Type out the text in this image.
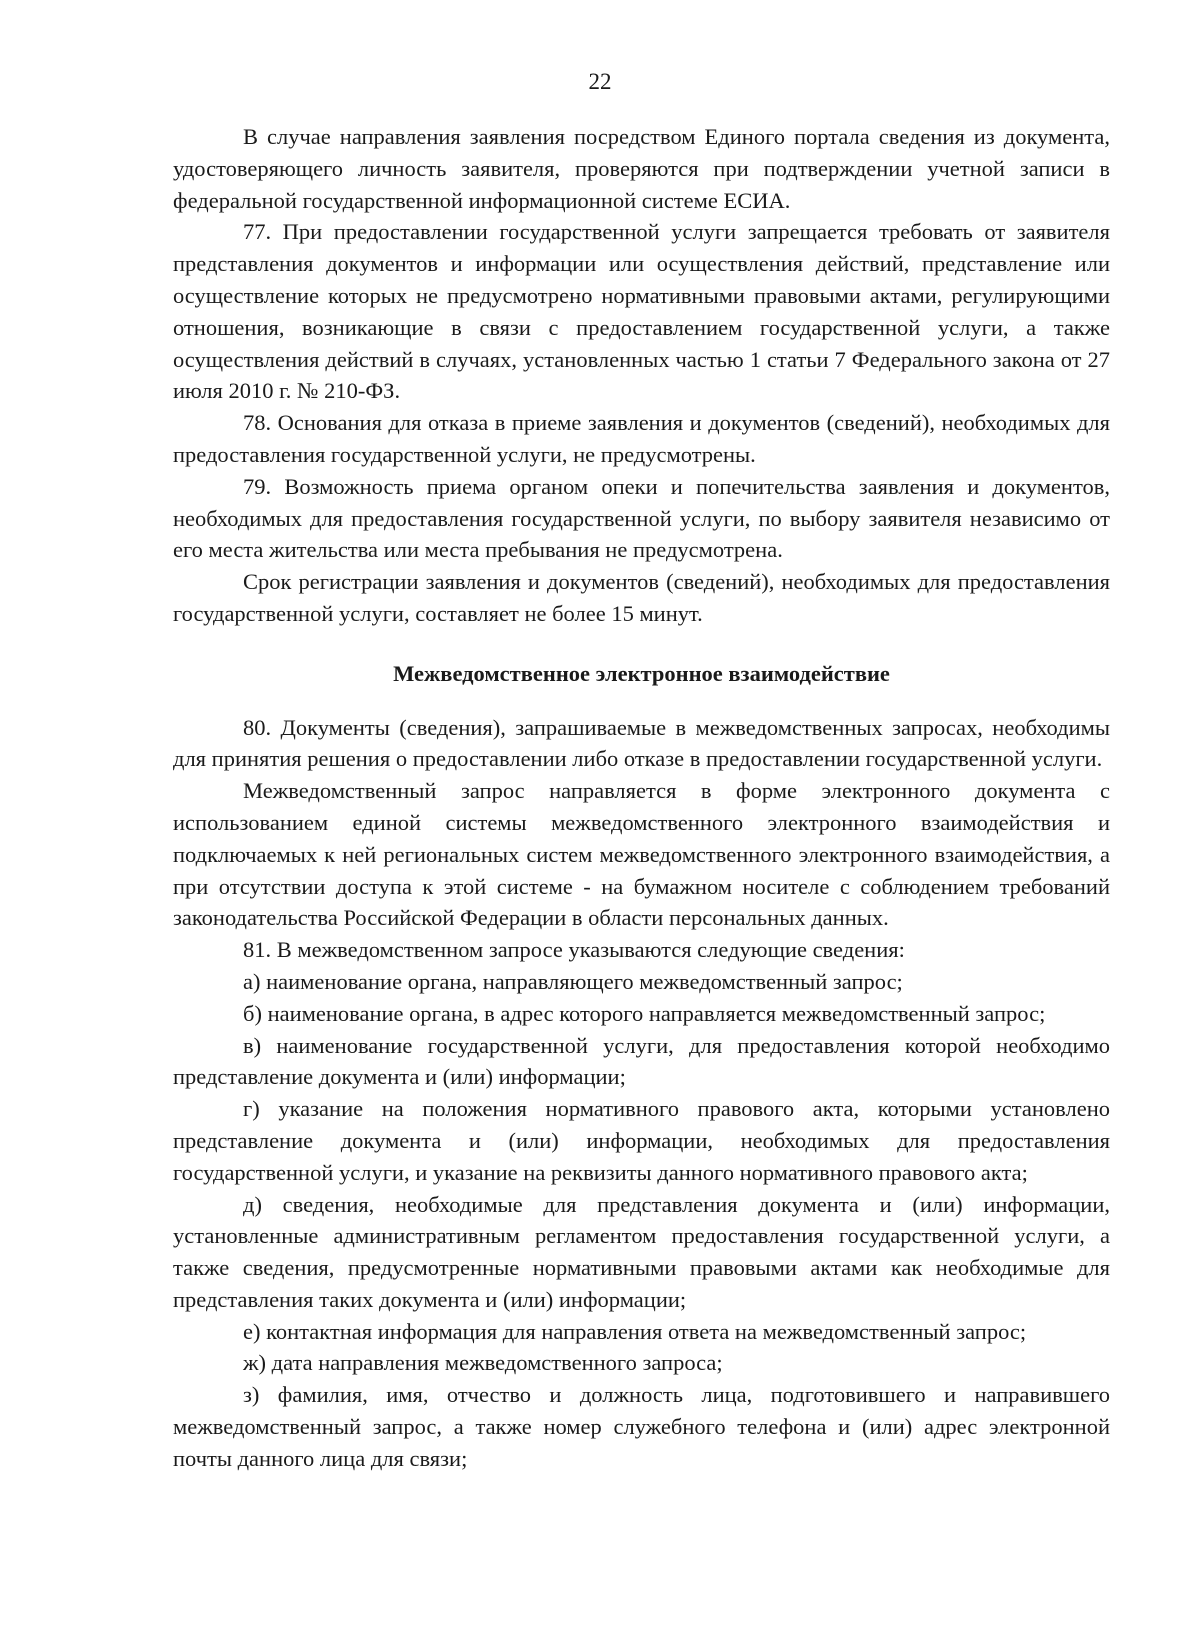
22

В случае направления заявления посредством Единого портала сведения из документа, удостоверяющего личность заявителя, проверяются при подтверждении учетной записи в федеральной государственной информационной системе ЕСИА.

77. При предоставлении государственной услуги запрещается требовать от заявителя представления документов и информации или осуществления действий, представление или осуществление которых не предусмотрено нормативными правовыми актами, регулирующими отношения, возникающие в связи с предоставлением государственной услуги, а также осуществления действий в случаях, установленных частью 1 статьи 7 Федерального закона от 27 июля 2010 г. № 210-ФЗ.

78. Основания для отказа в приеме заявления и документов (сведений), необходимых для предоставления государственной услуги, не предусмотрены.

79. Возможность приема органом опеки и попечительства заявления и документов, необходимых для предоставления государственной услуги, по выбору заявителя независимо от его места жительства или места пребывания не предусмотрена.

Срок регистрации заявления и документов (сведений), необходимых для предоставления государственной услуги, составляет не более 15 минут.

Межведомственное электронное взаимодействие

80. Документы (сведения), запрашиваемые в межведомственных запросах, необходимы для принятия решения о предоставлении либо отказе в предоставлении государственной услуги.

Межведомственный запрос направляется в форме электронного документа с использованием единой системы межведомственного электронного взаимодействия и подключаемых к ней региональных систем межведомственного электронного взаимодействия, а при отсутствии доступа к этой системе - на бумажном носителе с соблюдением требований законодательства Российской Федерации в области персональных данных.

81. В межведомственном запросе указываются следующие сведения:

а) наименование органа, направляющего межведомственный запрос;

б) наименование органа, в адрес которого направляется межведомственный запрос;

в) наименование государственной услуги, для предоставления которой необходимо представление документа и (или) информации;

г) указание на положения нормативного правового акта, которыми установлено представление документа и (или) информации, необходимых для предоставления государственной услуги, и указание на реквизиты данного нормативного правового акта;

д) сведения, необходимые для представления документа и (или) информации, установленные административным регламентом предоставления государственной услуги, а также сведения, предусмотренные нормативными правовыми актами как необходимые для представления таких документа и (или) информации;

е) контактная информация для направления ответа на межведомственный запрос;

ж) дата направления межведомственного запроса;

з) фамилия, имя, отчество и должность лица, подготовившего и направившего межведомственный запрос, а также номер служебного телефона и (или) адрес электронной почты данного лица для связи;
